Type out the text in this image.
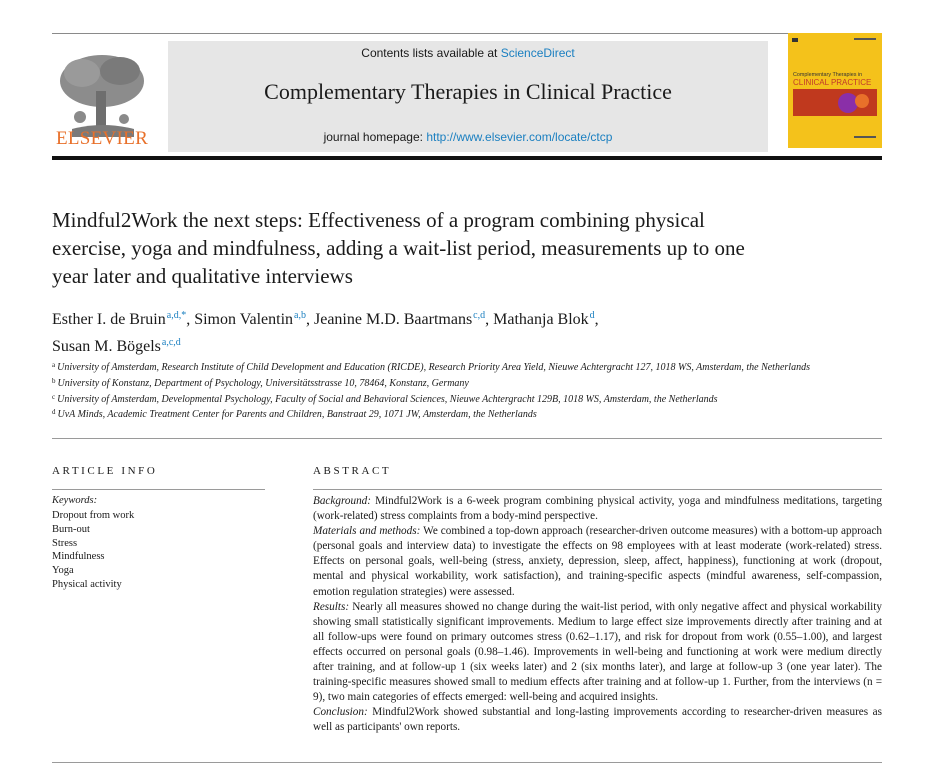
ELSEVIER
Contents lists available at ScienceDirect
Complementary Therapies in Clinical Practice
journal homepage: http://www.elsevier.com/locate/ctcp
Complementary Therapies in
CLINICAL PRACTICE
Mindful2Work the next steps: Effectiveness of a program combining physical exercise, yoga and mindfulness, adding a wait-list period, measurements up to one year later and qualitative interviews
Esther I. de Bruin$^{a,d,*}$, Simon Valentin$^{a,b}$, Jeanine M.D. Baartmans$^{c,d}$, Mathanja Blok$^d$,
Susan M. Bögels$^{a,c,d}$
$^a$ University of Amsterdam, Research Institute of Child Development and Education (RICDE), Research Priority Area Yield, Nieuwe Achtergracht 127, 1018 WS, Amsterdam, the Netherlands
$^b$ University of Konstanz, Department of Psychology, Universitätsstrasse 10, 78464, Konstanz, Germany
$^c$ University of Amsterdam, Developmental Psychology, Faculty of Social and Behavioral Sciences, Nieuwe Achtergracht 129B, 1018 WS, Amsterdam, the Netherlands
$^d$ UvA Minds, Academic Treatment Center for Parents and Children, Banstraat 29, 1071 JW, Amsterdam, the Netherlands
ARTICLE INFO
Keywords:
Dropout from work
Burn-out
Stress
Mindfulness
Yoga
Physical activity
ABSTRACT

Background: Mindful2Work is a 6-week program combining physical activity, yoga and mindfulness meditations, targeting (work-related) stress complaints from a body-mind perspective.

Materials and methods: We combined a top-down approach (researcher-driven outcome measures) with a bottom-up approach (personal goals and interview data) to investigate the effects on 98 employees with at least moderate (work-related) stress. Effects on personal goals, well-being (stress, anxiety, depression, sleep, affect, happiness), functioning at work (dropout, mental and physical workability, work satisfaction), and training-specific aspects (mindful awareness, self-compassion, emotion regulation strategies) were assessed.

Results: Nearly all measures showed no change during the wait-list period, with only negative affect and physical workability showing small statistically significant improvements. Medium to large effect size improvements directly after training and at all follow-ups were found on primary outcomes stress (0.62–1.17), and risk for dropout from work (0.55–1.00), and largest effects occurred on personal goals (0.98–1.46). Improvements in well-being and functioning at work were medium directly after training, and at follow-up 1 (six weeks later) and 2 (six months later), and large at follow-up 3 (one year later). The training-specific measures showed small to medium effects after training and at follow-up 1. Further, from the interviews (n = 9), two main categories of effects emerged: well-being and acquired insights.

Conclusion: Mindful2Work showed substantial and long-lasting improvements according to researcher-driven measures as well as participants' own reports.
